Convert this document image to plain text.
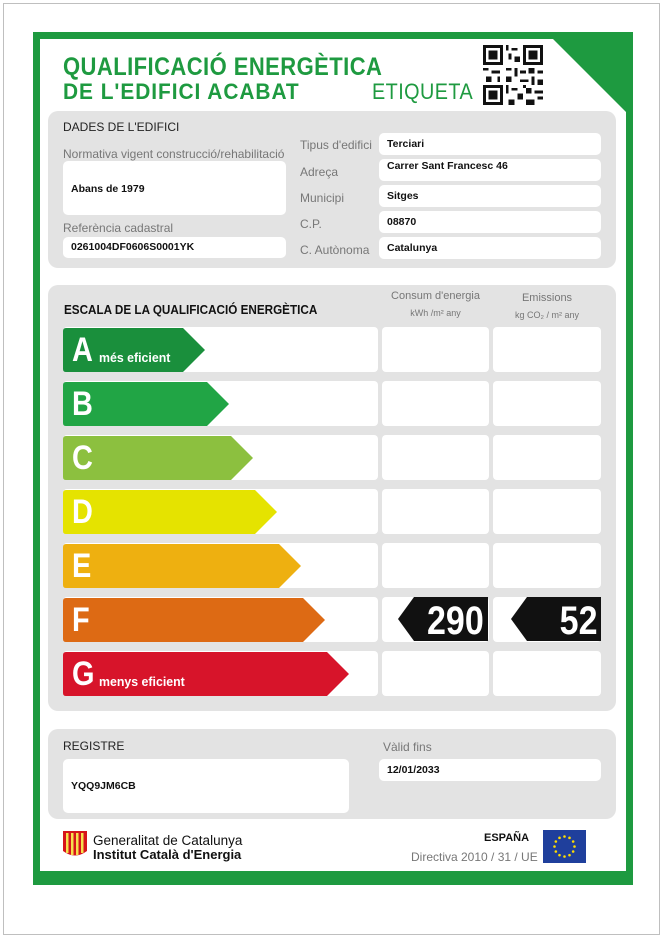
QUALIFICACIÓ ENERGÈTICA
DE L'EDIFICI ACABAT	ETIQUETA
DADES DE L'EDIFICI
Normativa vigent construcció/rehabilitació
Abans de 1979
Referència cadastral
0261004DF0606S0001YK
Tipus d'edifici	Terciari
Adreça	Carrer Sant Francesc 46
Municipi	Sitges
C.P.	08870
C. Autònoma	Catalunya
ESCALA DE LA QUALIFICACIÓ ENERGÈTICA
Consum d'energia
kWh /m² any
Emissions
kg CO₂ / m² any
A més eficient
B
C
D
E
F	290 52
G menys eficient
REGISTRE
YQQ9JM6CB
Vàlid fins
12/01/2033
Generalitat de Catalunya
Institut Català d'Energia
ESPAÑA
Directiva 2010 / 31 / UE
